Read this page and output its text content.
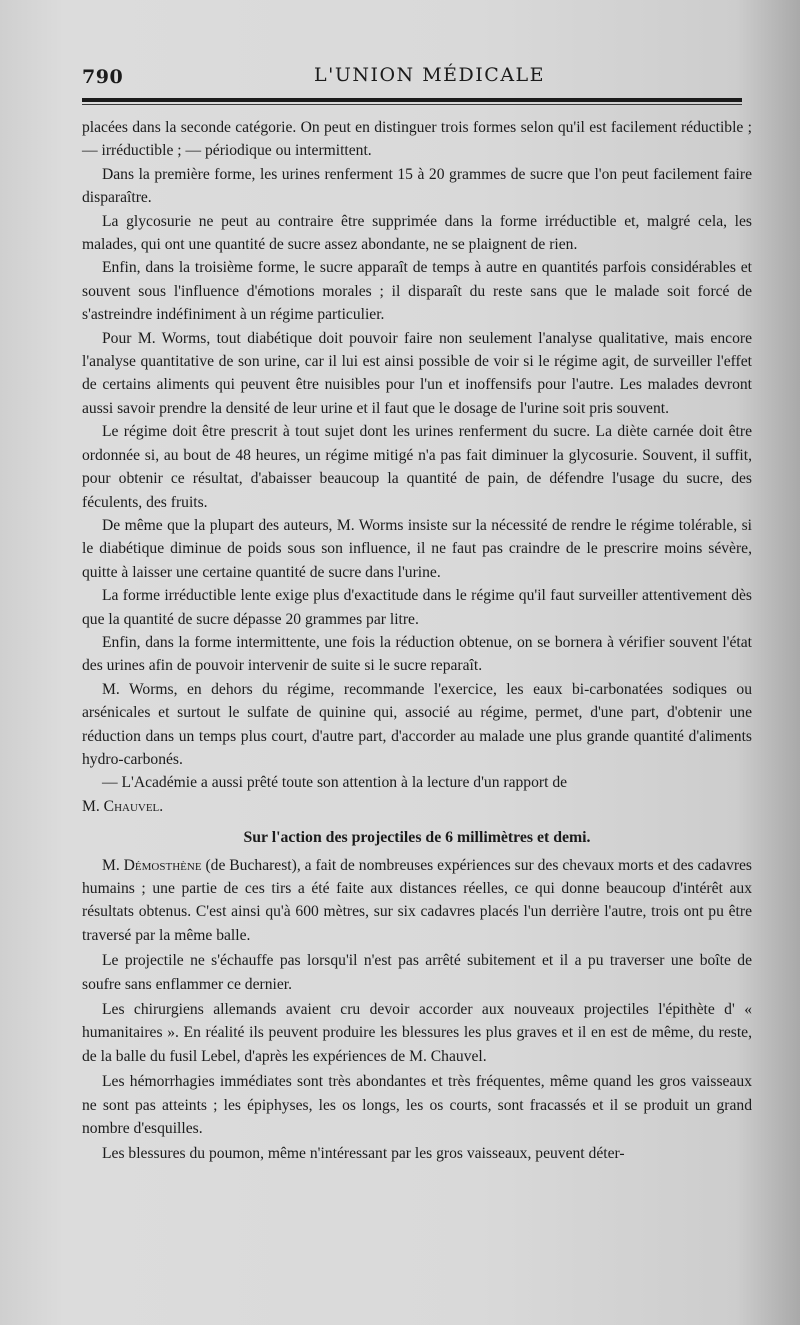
790	L'UNION MÉDICALE

placées dans la seconde catégorie. On peut en distinguer trois formes selon qu'il est facilement réductible ; — irréductible ; — périodique ou intermittent.

Dans la première forme, les urines renferment 15 à 20 grammes de sucre que l'on peut facilement faire disparaître.

La glycosurie ne peut au contraire être supprimée dans la forme irréductible et, malgré cela, les malades, qui ont une quantité de sucre assez abondante, ne se plaignent de rien.

Enfin, dans la troisième forme, le sucre apparaît de temps à autre en quantités parfois considérables et souvent sous l'influence d'émotions morales ; il disparaît du reste sans que le malade soit forcé de s'astreindre indéfiniment à un régime particulier.

Pour M. Worms, tout diabétique doit pouvoir faire non seulement l'analyse qualitative, mais encore l'analyse quantitative de son urine, car il lui est ainsi possible de voir si le régime agit, de surveiller l'effet de certains aliments qui peuvent être nuisibles pour l'un et inoffensifs pour l'autre. Les malades devront aussi savoir prendre la densité de leur urine et il faut que le dosage de l'urine soit pris souvent.

Le régime doit être prescrit à tout sujet dont les urines renferment du sucre. La diète carnée doit être ordonnée si, au bout de 48 heures, un régime mitigé n'a pas fait diminuer la glycosurie. Souvent, il suffit, pour obtenir ce résultat, d'abaisser beaucoup la quantité de pain, de défendre l'usage du sucre, des féculents, des fruits.

De même que la plupart des auteurs, M. Worms insiste sur la nécessité de rendre le régime tolérable, si le diabétique diminue de poids sous son influence, il ne faut pas craindre de le prescrire moins sévère, quitte à laisser une certaine quantité de sucre dans l'urine.

La forme irréductible lente exige plus d'exactitude dans le régime qu'il faut surveiller attentivement dès que la quantité de sucre dépasse 20 grammes par litre.

Enfin, dans la forme intermittente, une fois la réduction obtenue, on se bornera à vérifier souvent l'état des urines afin de pouvoir intervenir de suite si le sucre reparaît.

M. Worms, en dehors du régime, recommande l'exercice, les eaux bi-carbonatées sodiques ou arsénicales et surtout le sulfate de quinine qui, associé au régime, permet, d'une part, d'obtenir une réduction dans un temps plus court, d'autre part, d'accorder au malade une plus grande quantité d'aliments hydro-carbonés.

— L'Académie a aussi prêté toute son attention à la lecture d'un rapport de

M. Chauvel.

Sur l'action des projectiles de 6 millimètres et demi.

M. Démosthène (de Bucharest), a fait de nombreuses expériences sur des chevaux morts et des cadavres humains ; une partie de ces tirs a été faite aux distances réelles, ce qui donne beaucoup d'intérêt aux résultats obtenus. C'est ainsi qu'à 600 mètres, sur six cadavres placés l'un derrière l'autre, trois ont pu être traversé par la même balle.

Le projectile ne s'échauffe pas lorsqu'il n'est pas arrêté subitement et il a pu traverser une boîte de soufre sans enflammer ce dernier.

Les chirurgiens allemands avaient cru devoir accorder aux nouveaux projectiles l'épithète d' « humanitaires ». En réalité ils peuvent produire les blessures les plus graves et il en est de même, du reste, de la balle du fusil Lebel, d'après les expériences de M. Chauvel.

Les hémorrhagies immédiates sont très abondantes et très fréquentes, même quand les gros vaisseaux ne sont pas atteints ; les épiphyses, les os longs, les os courts, sont fracassés et il se produit un grand nombre d'esquilles.

Les blessures du poumon, même n'intéressant par les gros vaisseaux, peuvent déter-
